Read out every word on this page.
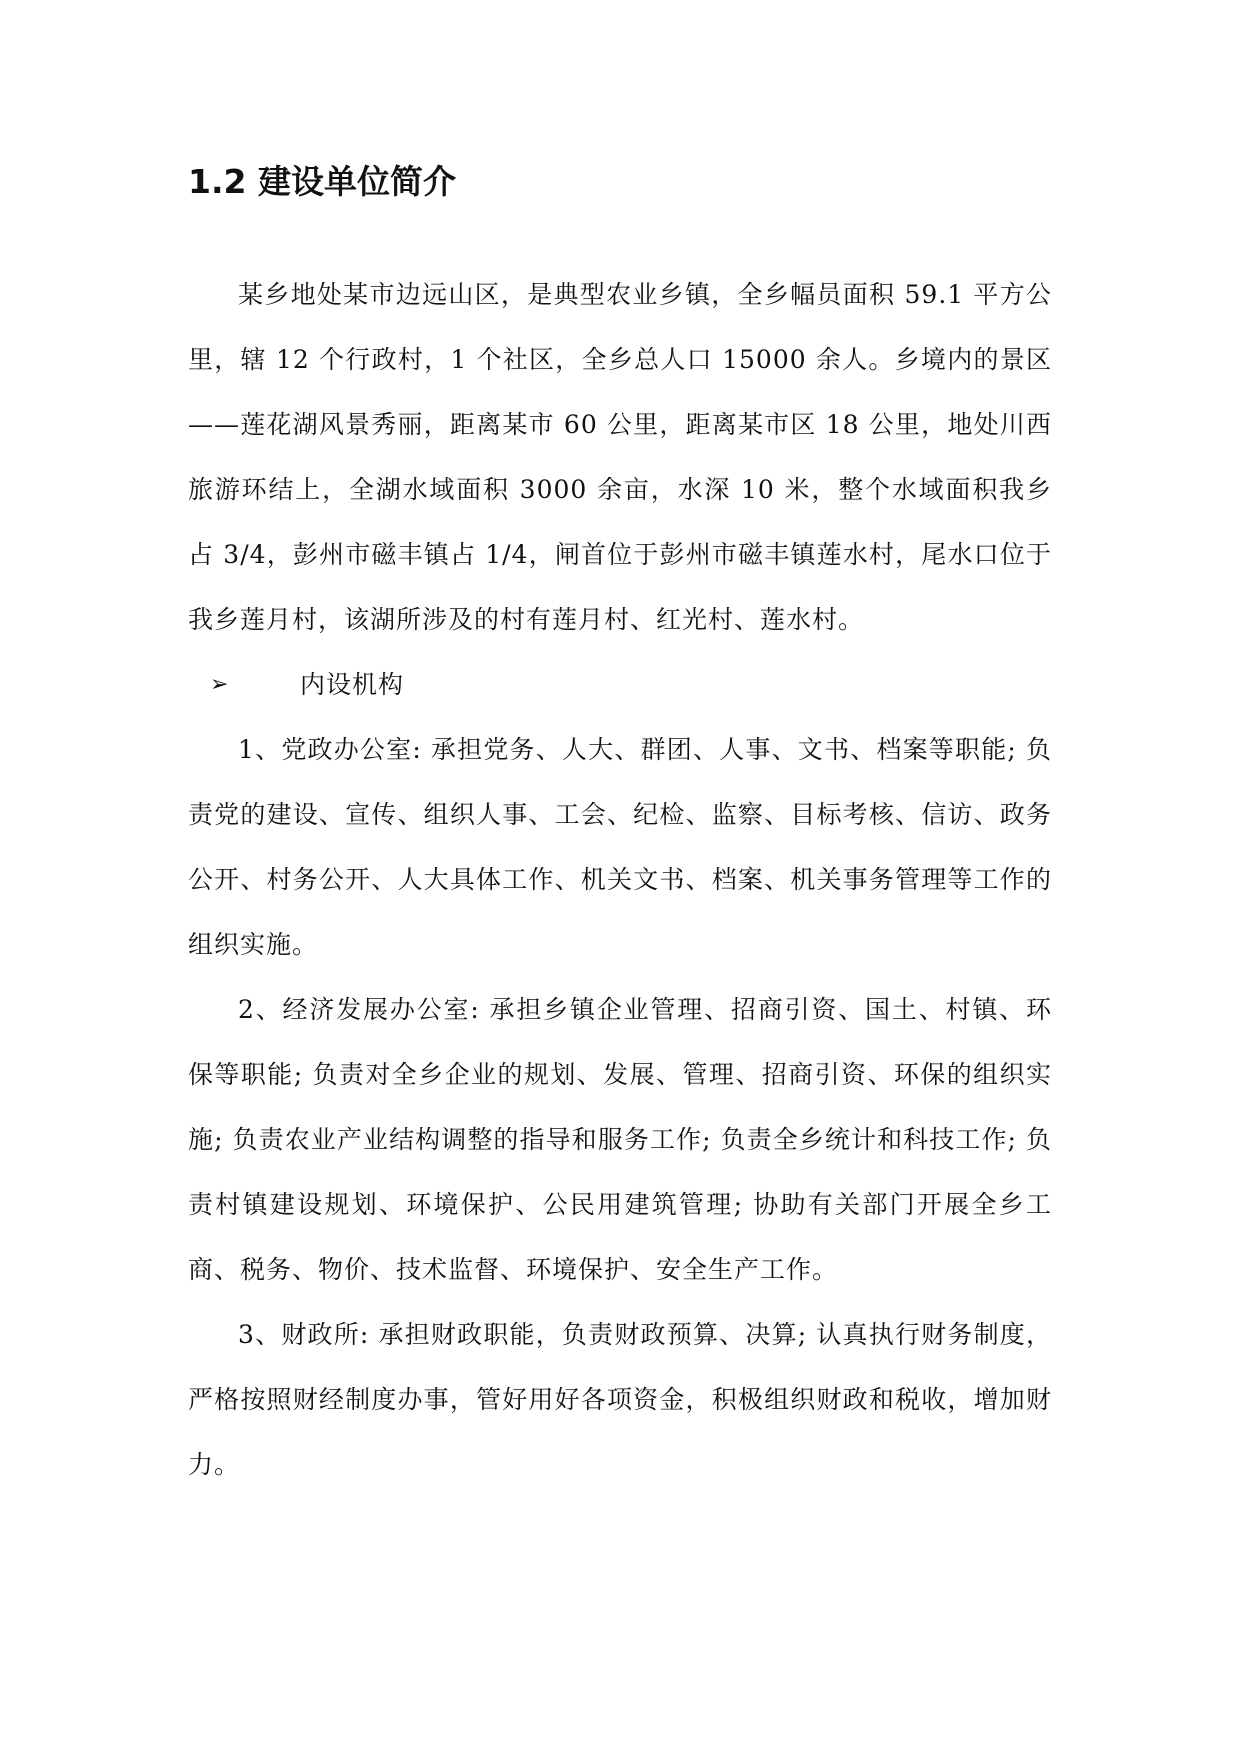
1.2 建设单位简介

某乡地处某市边远山区，是典型农业乡镇，全乡幅员面积 59.1 平方公里，辖 12 个行政村，1 个社区，全乡总人口 15000 余人。乡境内的景区——莲花湖风景秀丽，距离某市 60 公里，距离某市区 18 公里，地处川西旅游环结上，全湖水域面积 3000 余亩，水深 10 米，整个水域面积我乡占 3/4，彭州市磁丰镇占 1/4，闸首位于彭州市磁丰镇莲水村，尾水口位于我乡莲月村，该湖所涉及的村有莲月村、红光村、莲水村。

➢	内设机构

1、党政办公室: 承担党务、人大、群团、人事、文书、档案等职能; 负责党的建设、宣传、组织人事、工会、纪检、监察、目标考核、信访、政务公开、村务公开、人大具体工作、机关文书、档案、机关事务管理等工作的组织实施。

2、经济发展办公室: 承担乡镇企业管理、招商引资、国土、村镇、环保等职能; 负责对全乡企业的规划、发展、管理、招商引资、环保的组织实施; 负责农业产业结构调整的指导和服务工作; 负责全乡统计和科技工作; 负责村镇建设规划、环境保护、公民用建筑管理; 协助有关部门开展全乡工商、税务、物价、技术监督、环境保护、安全生产工作。

3、财政所: 承担财政职能，负责财政预算、决算; 认真执行财务制度，严格按照财经制度办事，管好用好各项资金，积极组织财政和税收，增加财力。
